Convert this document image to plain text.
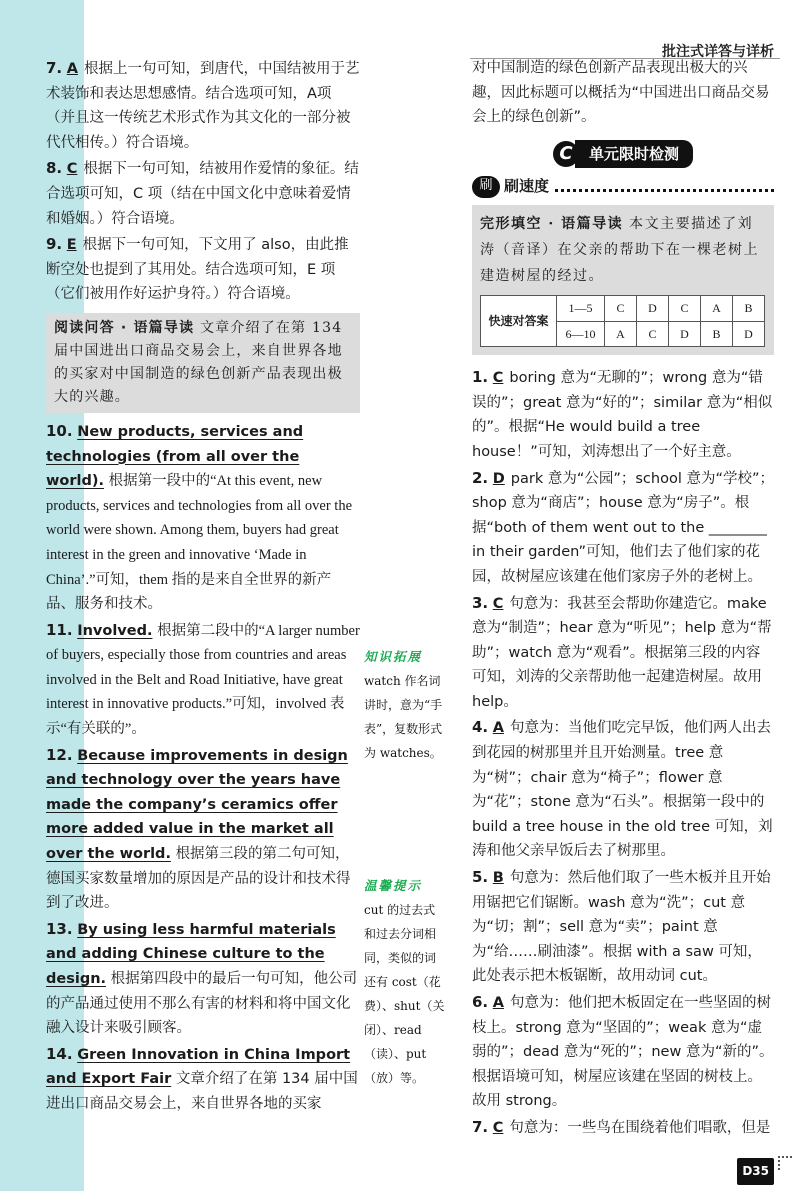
批注式详答与详析
7. A 根据上一句可知，到唐代，中国结被用于艺术装饰和表达思想感情。结合选项可知，A项（并且这一传统艺术形式作为其文化的一部分被代代相传。）符合语境。
8. C 根据下一句可知，结被用作爱情的象征。结合选项可知，C 项（结在中国文化中意味着爱情和婚姻。）符合语境。
9. E 根据下一句可知，下文用了 also，由此推断空处也提到了其用处。结合选项可知，E 项（它们被用作好运护身符。）符合语境。
阅读问答 · 语篇导读 文章介绍了在第 134 届中国进出口商品交易会上，来自世界各地的买家对中国制造的绿色创新产品表现出极大的兴趣。
10. New products, services and technologies (from all over the world). 根据第一段中的“At this event, new products, services and technologies from all over the world were shown. Among them, buyers had great interest in the green and innovative ‘Made in China’.”可知，them 指的是来自全世界的新产品、服务和技术。
11. Involved. 根据第二段中的“A larger number of buyers, especially those from countries and areas involved in the Belt and Road Initiative, have great interest in innovative products.”可知，involved 表示“有关联的”。
12. Because improvements in design and technology over the years have made the company’s ceramics offer more added value in the market all over the world. 根据第三段的第二句可知，德国买家数量增加的原因是产品的设计和技术得到了改进。
13. By using less harmful materials and adding Chinese culture to the design. 根据第四段中的最后一句可知，他公司的产品通过使用不那么有害的材料和将中国文化融入设计来吸引顾客。
14. Green Innovation in China Import and Export Fair 文章介绍了在第 134 届中国进出口商品交易会上，来自世界各地的买家
知识拓展
watch 作名词讲时，意为“手表”，复数形式为 watches。
温馨提示
cut 的过去式和过去分词相同，类似的词还有 cost（花费）、shut（关闭）、read（读）、put（放）等。
对中国制造的绿色创新产品表现出极大的兴趣，因此标题可以概括为“中国进出口商品交易会上的绿色创新”。
C	单元限时检测
刷 刷速度
完形填空 · 语篇导读 本文主要描述了刘涛（音译）在父亲的帮助下在一棵老树上建造树屋的经过。
快速对答案	1—5	C	D	C	A	B
	6—10	A	C	D	B	D
1. C boring 意为“无聊的”；wrong 意为“错误的”；great 意为“好的”；similar 意为“相似的”。根据“He would build a tree house！”可知，刘涛想出了一个好主意。
2. D park 意为“公园”；school 意为“学校”；shop 意为“商店”；house 意为“房子”。根据“both of them went out to the ________ in their garden”可知，他们去了他们家的花园，故树屋应该建在他们家房子外的老树上。
3. C 句意为：我甚至会帮助你建造它。make 意为“制造”；hear 意为“听见”；help 意为“帮助”；watch 意为“观看”。根据第三段的内容可知，刘涛的父亲帮助他一起建造树屋。故用 help。
4. A 句意为：当他们吃完早饭，他们两人出去到花园的树那里并且开始测量。tree 意为“树”；chair 意为“椅子”；flower 意为“花”；stone 意为“石头”。根据第一段中的 build a tree house in the old tree 可知，刘涛和他父亲早饭后去了树那里。
5. B 句意为：然后他们取了一些木板并且开始用锯把它们锯断。wash 意为“洗”；cut 意为“切；割”；sell 意为“卖”；paint 意为“给……刷油漆”。根据 with a saw 可知，此处表示把木板锯断，故用动词 cut。
6. A 句意为：他们把木板固定在一些坚固的树枝上。strong 意为“坚固的”；weak 意为“虚弱的”；dead 意为“死的”；new 意为“新的”。根据语境可知，树屋应该建在坚固的树枝上。故用 strong。
7. C 句意为：一些鸟在围绕着他们唱歌，但是
D35
